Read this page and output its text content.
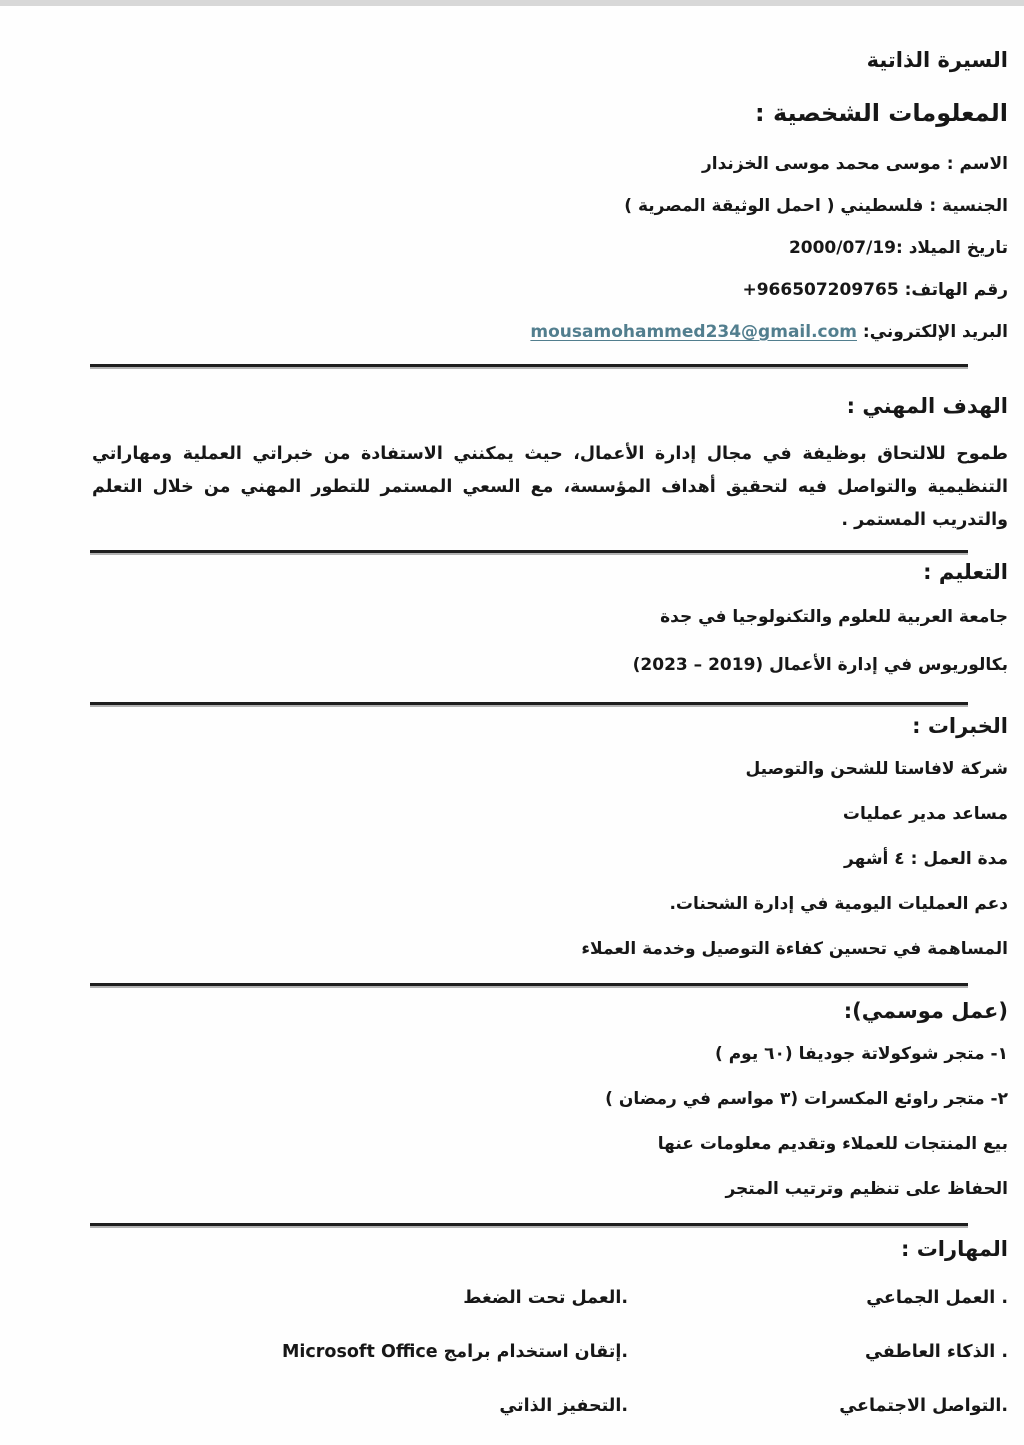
السيرة الذاتية
المعلومات الشخصية :
الاسم : موسى محمد موسى الخزندار
الجنسية : فلسطيني ( احمل الوثيقة المصرية )
تاريخ الميلاد :2000/07/19
رقم الهاتف: +966507209765
البريد الإلكتروني: mousamohammed234@gmail.com
الهدف المهني :

طموح للالتحاق بوظيفة في مجال إدارة الأعمال، حيث يمكنني الاستفادة من خبراتي العملية ومهاراتي التنظيمية والتواصل فيه لتحقيق أهداف المؤسسة، مع السعي المستمر للتطور المهني من خلال التعلم والتدريب المستمر .

التعليم :
جامعة العربية للعلوم والتكنولوجيا في جدة
بكالوريوس في إدارة الأعمال (2019 – 2023)
الخبرات :
شركة لافاستا للشحن والتوصيل
مساعد مدير عمليات
مدة العمل : ٤ أشهر
دعم العمليات اليومية في إدارة الشحنات.
المساهمة في تحسين كفاءة التوصيل وخدمة العملاء
(عمل موسمي):
١- متجر شوكولاتة جوديفا (٦٠ يوم )
٢- متجر راوئع المكسرات (٣ مواسم في رمضان )
بيع المنتجات للعملاء وتقديم معلومات عنها
الحفاظ على تنظيم وترتيب المتجر
المهارات :
. العمل الجماعي
.العمل تحت الضغط
. الذكاء العاطفي
.إتقان استخدام برامج Microsoft Office
.التواصل الاجتماعي
.التحفيز الذاتي
